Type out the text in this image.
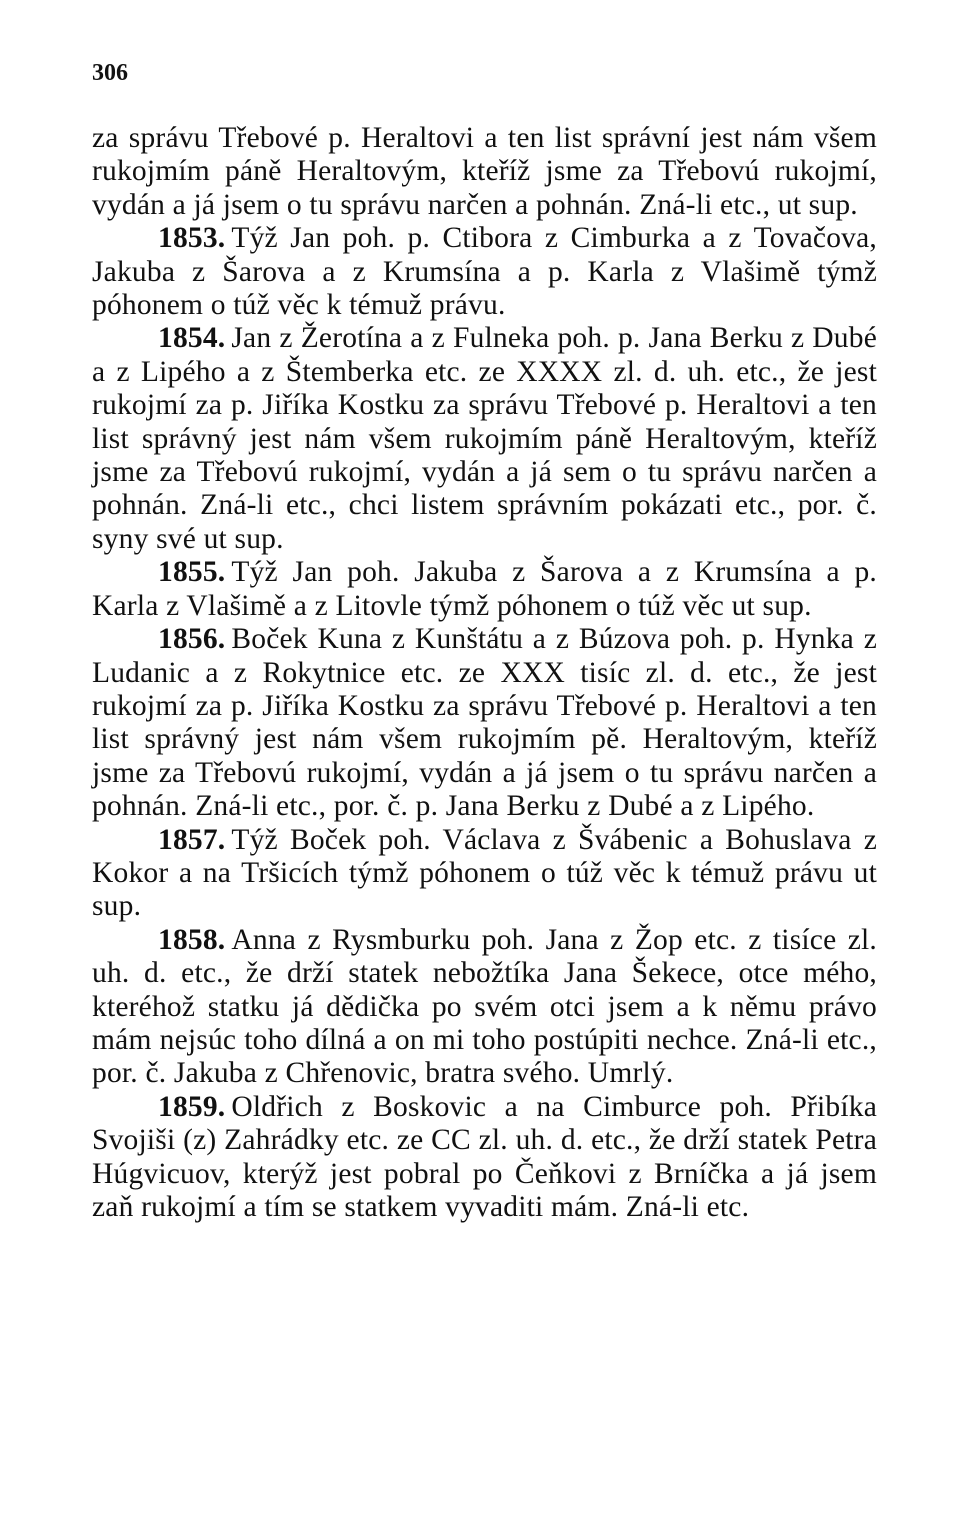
306

za správu Třebové p. Heraltovi a ten list správní jest nám všem rukojmím páně Heraltovým, kteříž jsme za Třebovú rukojmí, vydán a já jsem o tu správu narčen a pohnán. Zná-li etc., ut sup.

1853. Týž Jan poh. p. Ctibora z Cimburka a z Tovačova, Jakuba z Šarova a z Krumsína a p. Karla z Vlašimě týmž póhonem o túž věc k témuž právu.

1854. Jan z Žerotína a z Fulneka poh. p. Jana Berku z Dubé a z Lipého a z Štemberka etc. ze XXXX zl. d. uh. etc., že jest rukojmí za p. Jiříka Kostku za správu Třebové p. Heraltovi a ten list správný jest nám všem rukojmím páně Heraltovým, kteříž jsme za Třebovú rukojmí, vydán a já sem o tu správu narčen a pohnán. Zná-li etc., chci listem správním pokázati etc., por. č. syny své ut sup.

1855. Týž Jan poh. Jakuba z Šarova a z Krumsína a p. Karla z Vlašimě a z Litovle týmž póhonem o túž věc ut sup.

1856. Boček Kuna z Kunštátu a z Búzova poh. p. Hynka z Ludanic a z Rokytnice etc. ze XXX tisíc zl. d. etc., že jest rukojmí za p. Jiříka Kostku za správu Třebové p. Heraltovi a ten list správný jest nám všem rukojmím pě. Heraltovým, kteříž jsme za Třebovú rukojmí, vydán a já jsem o tu správu narčen a pohnán. Zná-li etc., por. č. p. Jana Berku z Dubé a z Lipého.

1857. Týž Boček poh. Václava z Švábenic a Bohuslava z Kokor a na Tršicích týmž póhonem o túž věc k témuž právu ut sup.

1858. Anna z Rysmburku poh. Jana z Žop etc. z tisíce zl. uh. d. etc., že drží statek nebožtíka Jana Šekece, otce mého, kteréhož statku já dědička po svém otci jsem a k němu právo mám nejsúc toho dílná a on mi toho postúpiti nechce. Zná-li etc., por. č. Jakuba z Chřenovic, bratra svého. Umrlý.

1859. Oldřich z Boskovic a na Cimburce poh. Přibíka Svojiši (z) Zahrádky etc. ze CC zl. uh. d. etc., že drží statek Petra Húgvicuov, kterýž jest pobral po Čeňkovi z Brníčka a já jsem zaň rukojmí a tím se statkem vyvaditi mám. Zná-li etc.
